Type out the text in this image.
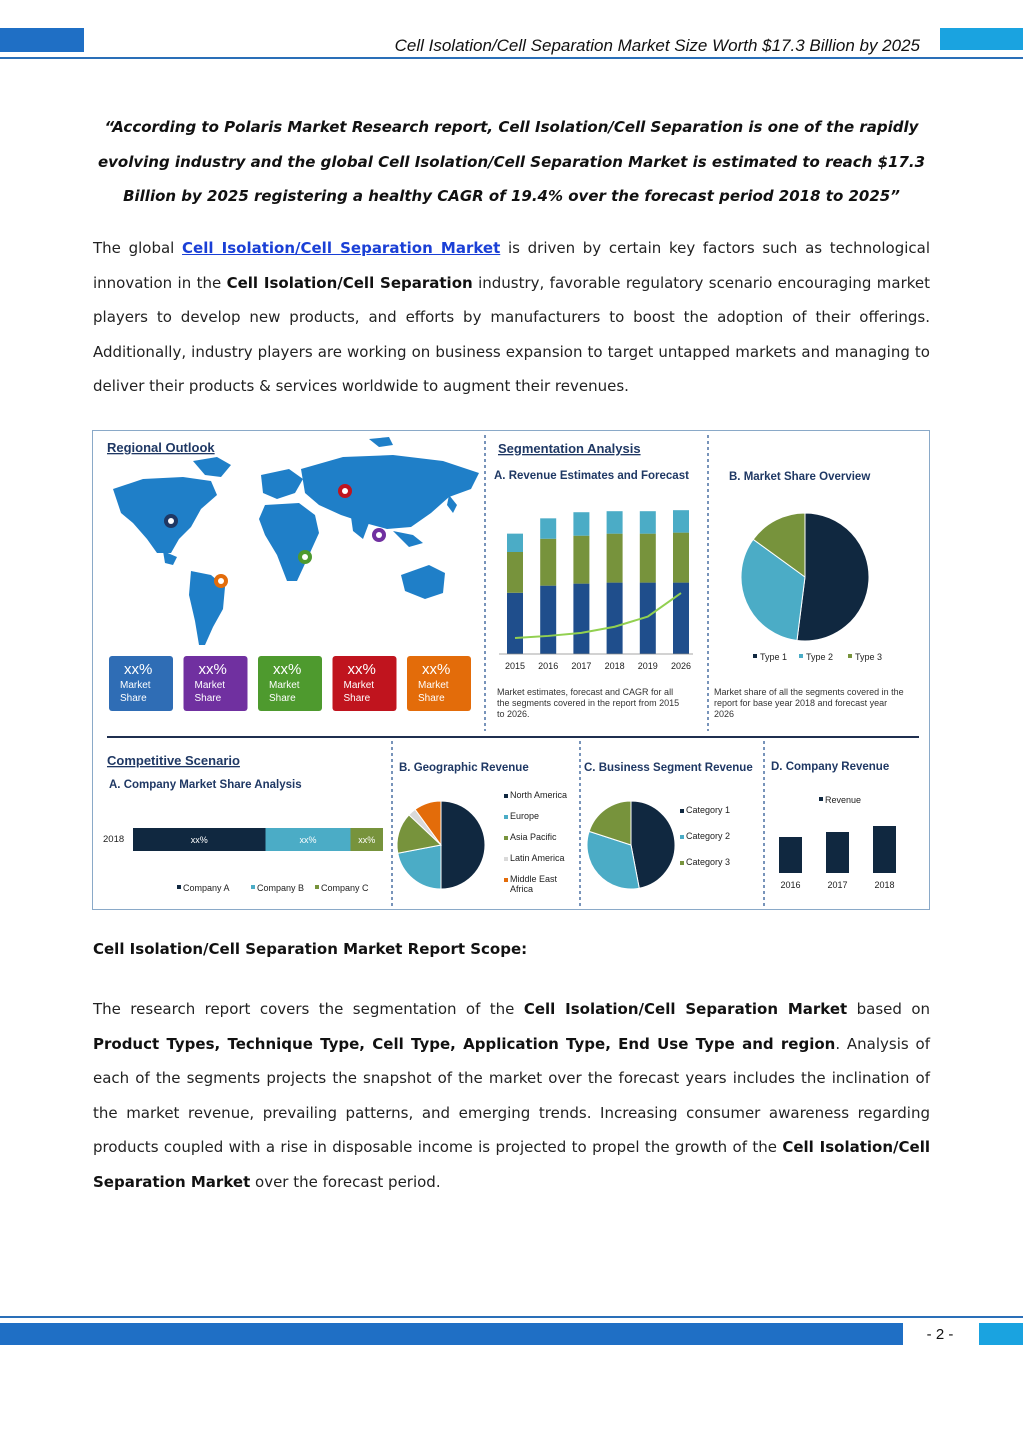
Cell Isolation/Cell Separation Market Size Worth $17.3 Billion by 2025
“According to Polaris Market Research report, Cell Isolation/Cell Separation is one of the rapidly evolving industry and the global Cell Isolation/Cell Separation Market is estimated to reach $17.3 Billion by 2025 registering a healthy CAGR of 19.4% over the forecast period 2018 to 2025”
The global Cell Isolation/Cell Separation Market is driven by certain key factors such as technological innovation in the Cell Isolation/Cell Separation industry, favorable regulatory scenario encouraging market players to develop new products, and efforts by manufacturers to boost the adoption of their offerings. Additionally, industry players are working on business expansion to target untapped markets and managing to deliver their products & services worldwide to augment their revenues.
Regional Outlook
xx%
Market
Share
xx%
Market
Share
xx%
Market
Share
xx%
Market
Share
xx%
Market
Share
Segmentation Analysis
A. Revenue Estimates and Forecast
2015 2016 2017 2018 2019 2026
Market estimates, forecast and CAGR for all
the segments covered in the report from 2015
to 2026.
B. Market Share Overview
Type 1 Type 2 Type 3
Market share of all the segments covered in the
report for base year 2018 and forecast year
2026
Competitive Scenario
A. Company Market Share Analysis
2018	xx%	xx%	xx%
Company A	Company B Company C
B. Geographic Revenue
North America
Europe
Asia Pacific
Latin America
Middle East
Africa
C. Business Segment Revenue
Category 1
Category 2
Category 3
D. Company Revenue
2016	2017	2018
Revenue
Cell Isolation/Cell Separation Market Report Scope:
The research report covers the segmentation of the Cell Isolation/Cell Separation Market based on Product Types, Technique Type, Cell Type, Application Type, End Use Type and region. Analysis of each of the segments projects the snapshot of the market over the forecast years includes the inclination of the market revenue, prevailing patterns, and emerging trends. Increasing consumer awareness regarding products coupled with a rise in disposable income is projected to propel the growth of the Cell Isolation/Cell Separation Market over the forecast period.
- 2 -
